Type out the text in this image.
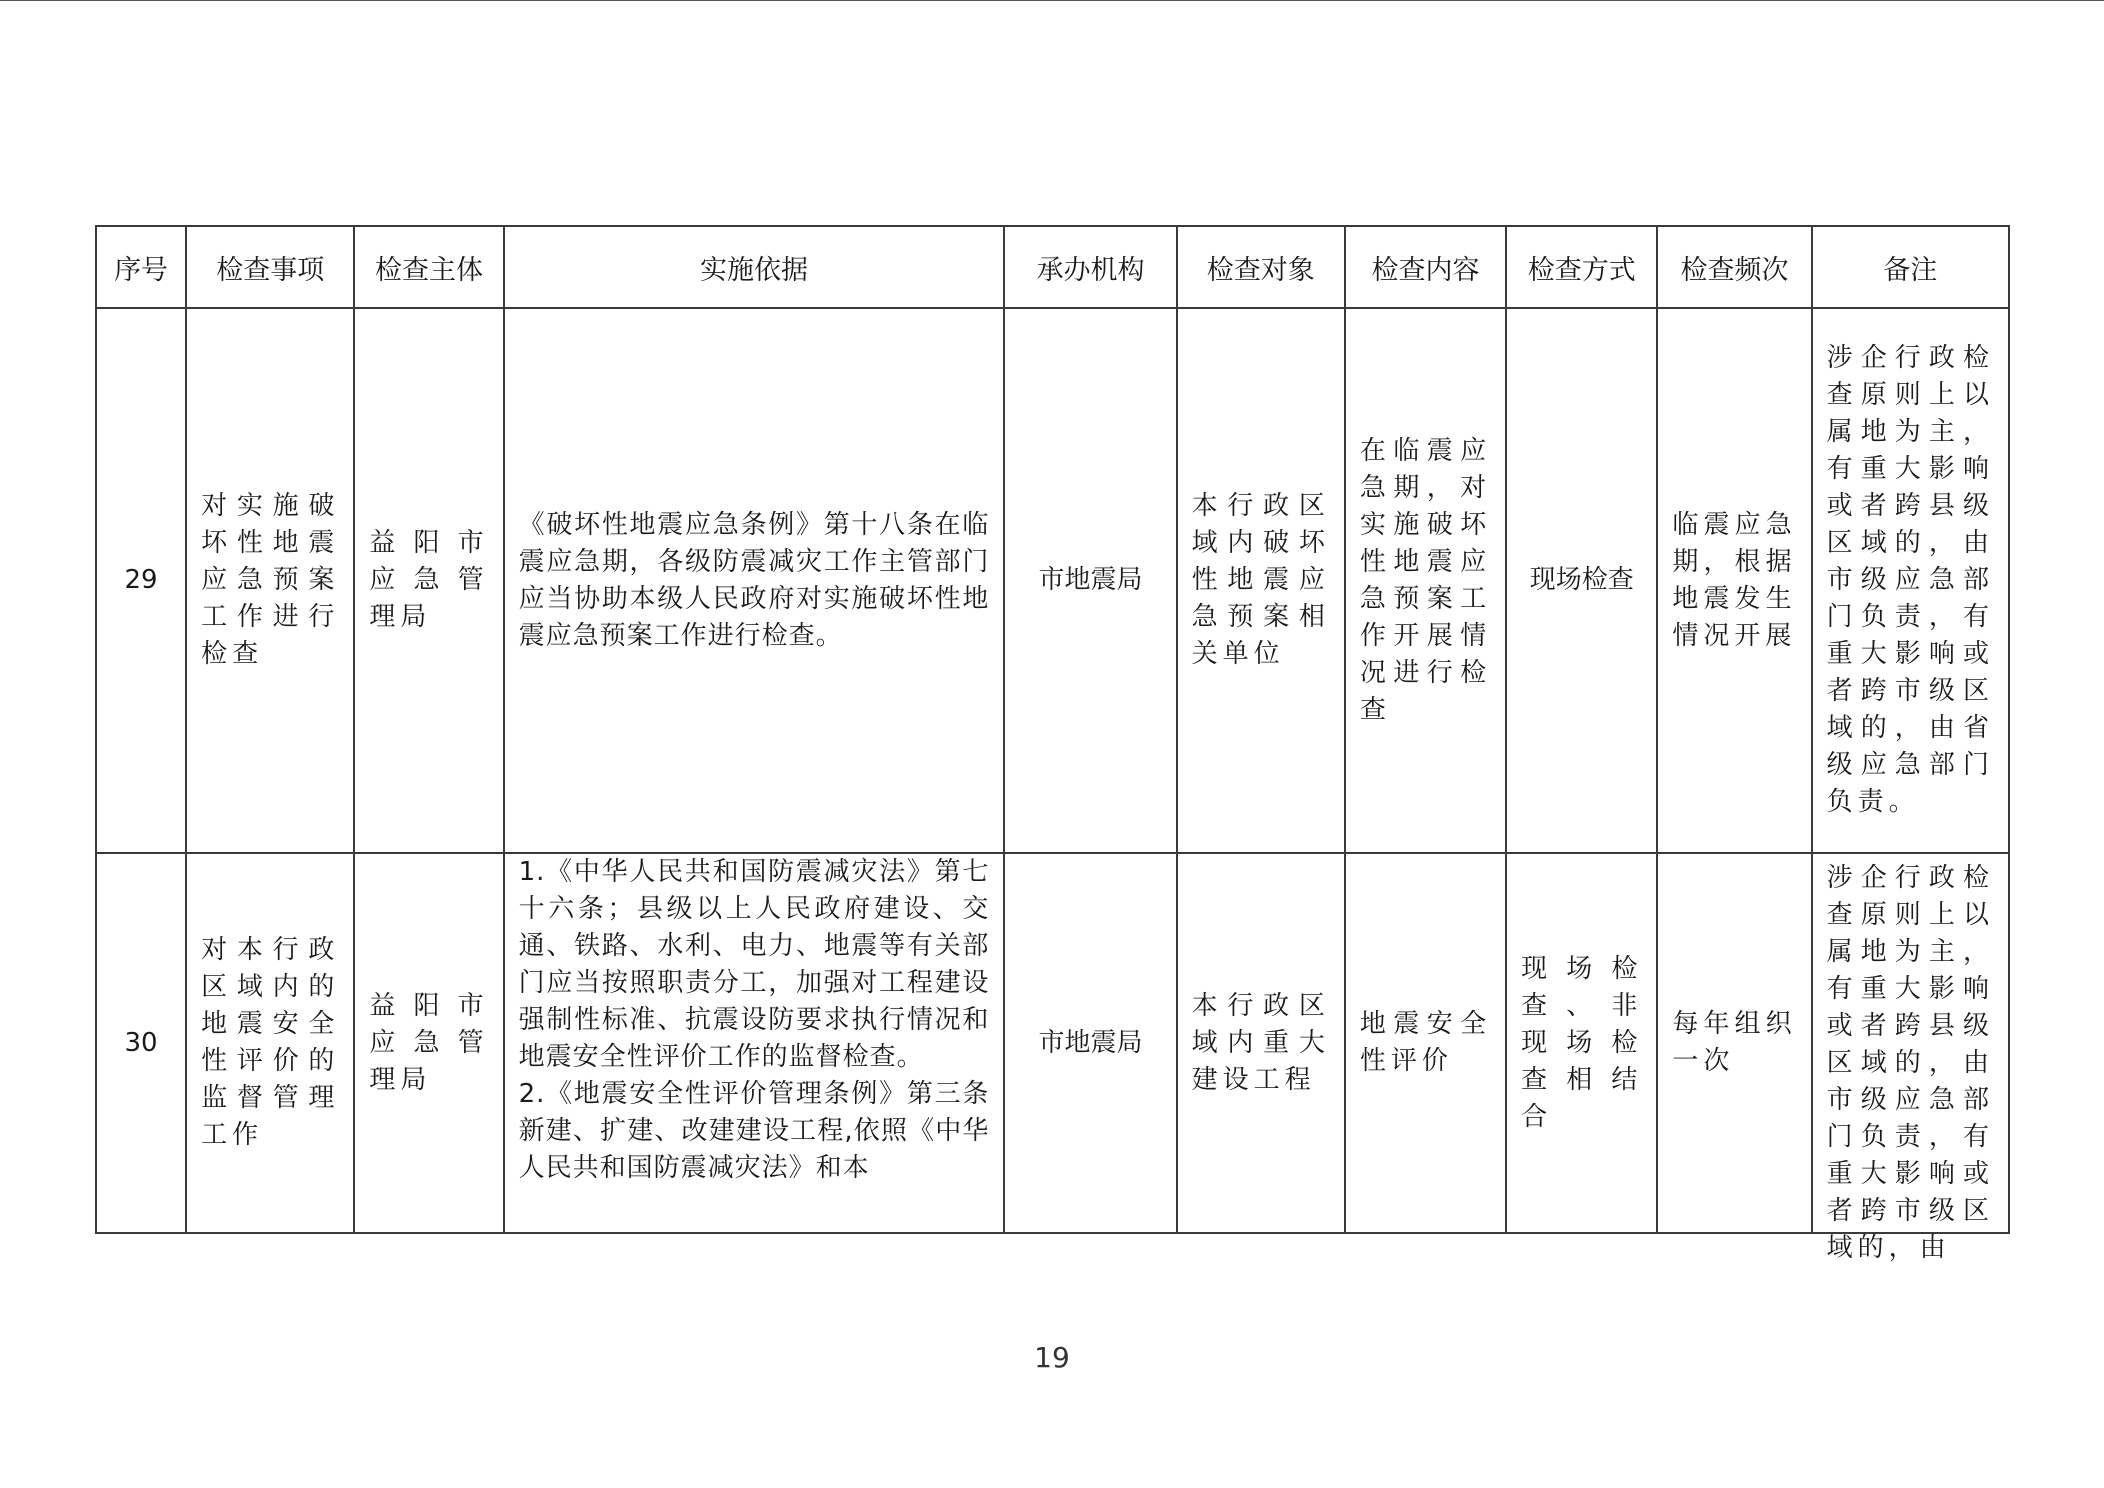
序号	检查事项	检查主体	实施依据	承办机构	检查对象	检查内容	检查方式	检查频次	备注

29	对实施破坏性地震应急预案工作进行检查	益阳市应急管理局	《破坏性地震应急条例》第十八条在临震应急期，各级防震减灾工作主管部门应当协助本级人民政府对实施破坏性地震应急预案工作进行检查。	市地震局	本行政区域内破坏性地震应急预案相关单位	在临震应急期，对实施破坏性地震应急预案工作开展情况进行检查	现场检查	临震应急期，根据地震发生情况开展	涉企行政检查原则上以属地为主，有重大影响或者跨县级区域的，由市级应急部门负责，有重大影响或者跨市级区域的，由省级应急部门负责。

30	对本行政区域内的地震安全性评价的监督管理工作	益阳市应急管理局	1.《中华人民共和国防震减灾法》第七十六条；县级以上人民政府建设、交通、铁路、水利、电力、地震等有关部门应当按照职责分工，加强对工程建设强制性标准、抗震设防要求执行情况和地震安全性评价工作的监督检查。
2.《地震安全性评价管理条例》第三条　新建、扩建、改建建设工程,依照《中华人民共和国防震减灾法》和本	市地震局	本行政区域内重大建设工程	地震安全性评价	现场检查、非现场检查相结合	每年组织一次	涉企行政检查原则上以属地为主，有重大影响或者跨县级区域的，由市级应急部门负责，有重大影响或者跨市级区域的，由
19
